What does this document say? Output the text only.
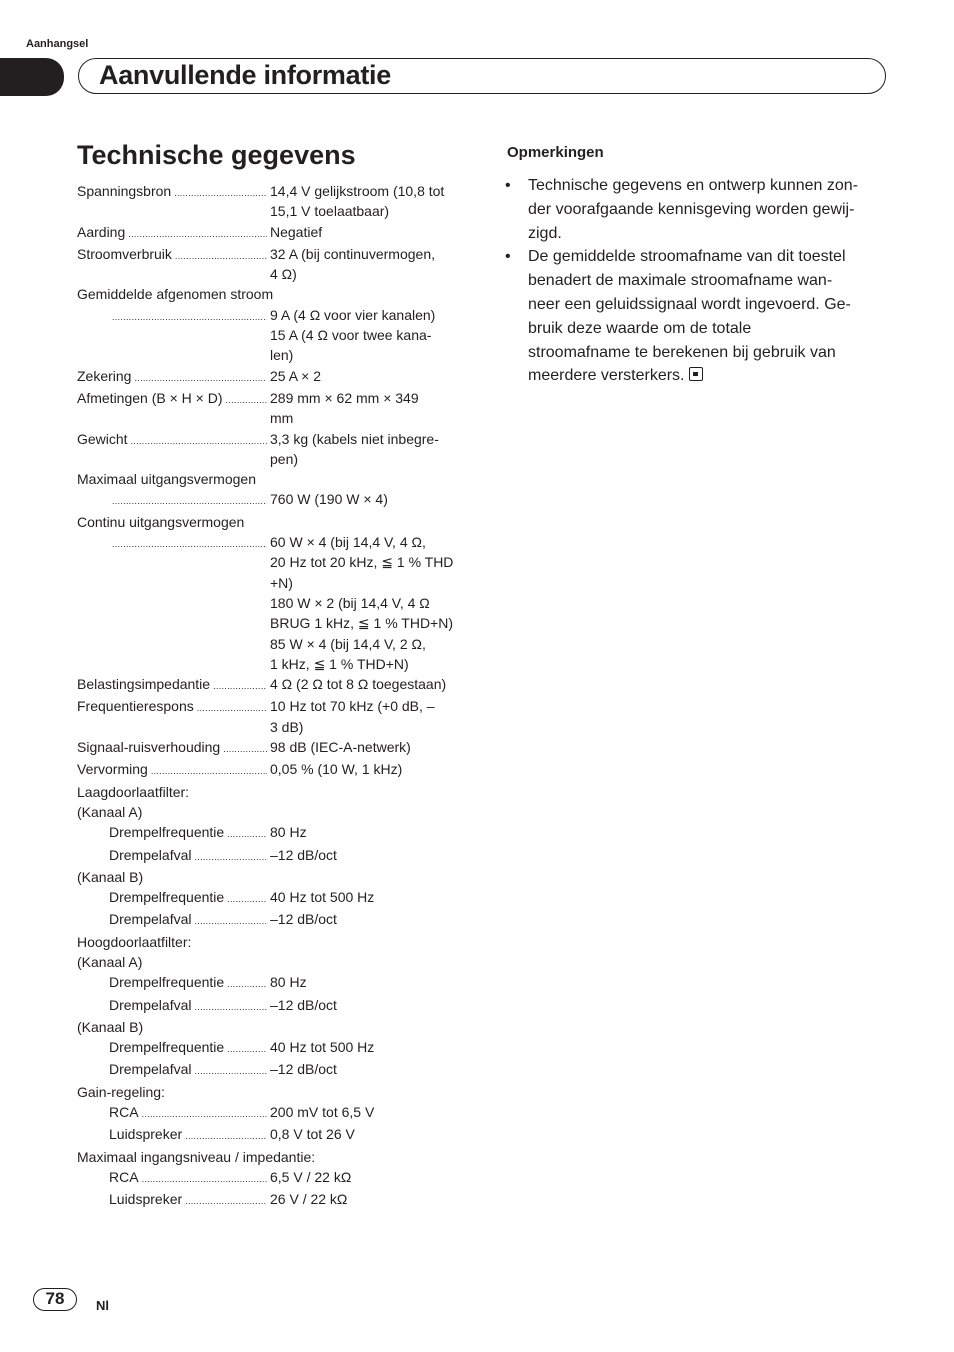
Aanhangsel
Aanvullende informatie
Technische gegevens
Spanningsbron .....	14,4 V gelijkstroom (10,8 tot
15,1 V toelaatbaar)
Aarding .....	Negatief
Stroomverbruik .....	32 A (bij continuvermogen,
4 Ω)
Gemiddelde afgenomen stroom
.....
9 A (4 Ω voor vier kanalen)
15 A (4 Ω voor twee kana-
len)
Zekering .....	25 A × 2
Afmetingen (B × H × D) .....	289 mm × 62 mm × 349
mm
Gewicht .....	3,3 kg (kabels niet inbegre-
pen)
Maximaal uitgangsvermogen
.....
760 W (190 W × 4)
Continu uitgangsvermogen
.....
60 W × 4 (bij 14,4 V, 4 Ω,
20 Hz tot 20 kHz, ≦ 1 % THD
+N)
180 W × 2 (bij 14,4 V, 4 Ω
BRUG 1 kHz, ≦ 1 % THD+N)
85 W × 4 (bij 14,4 V, 2 Ω,
1 kHz, ≦ 1 % THD+N)
Belastingsimpedantie .....	4 Ω (2 Ω tot 8 Ω toegestaan)
Frequentierespons .....	10 Hz tot 70 kHz (+0 dB, –
3 dB)
Signaal-ruisverhouding .....	98 dB (IEC-A-netwerk)
Vervorming .....	0,05 % (10 W, 1 kHz)
Laagdoorlaatfilter:
(Kanaal A)
Drempelfrequentie .....	80 Hz
Drempelafval .....	–12 dB/oct
(Kanaal B)
Drempelfrequentie .....	40 Hz tot 500 Hz
Drempelafval .....	–12 dB/oct
Hoogdoorlaatfilter:
(Kanaal A)
Drempelfrequentie .....	80 Hz
Drempelafval .....	–12 dB/oct
(Kanaal B)
Drempelfrequentie .....	40 Hz tot 500 Hz
Drempelafval .....	–12 dB/oct
Gain-regeling:
RCA .....	200 mV tot 6,5 V
Luidspreker .....	0,8 V tot 26 V
Maximaal ingangsniveau / impedantie:
RCA .....	6,5 V / 22 kΩ
Luidspreker .....	26 V / 22 kΩ
Opmerkingen
• Technische gegevens en ontwerp kunnen zon-
der voorafgaande kennisgeving worden gewij-
zigd.
• De gemiddelde stroomafname van dit toestel
benadert de maximale stroomafname wan-
neer een geluidssignaal wordt ingevoerd. Ge-
bruik deze waarde om de totale
stroomafname te berekenen bij gebruik van
meerdere versterkers.
78	Nl
